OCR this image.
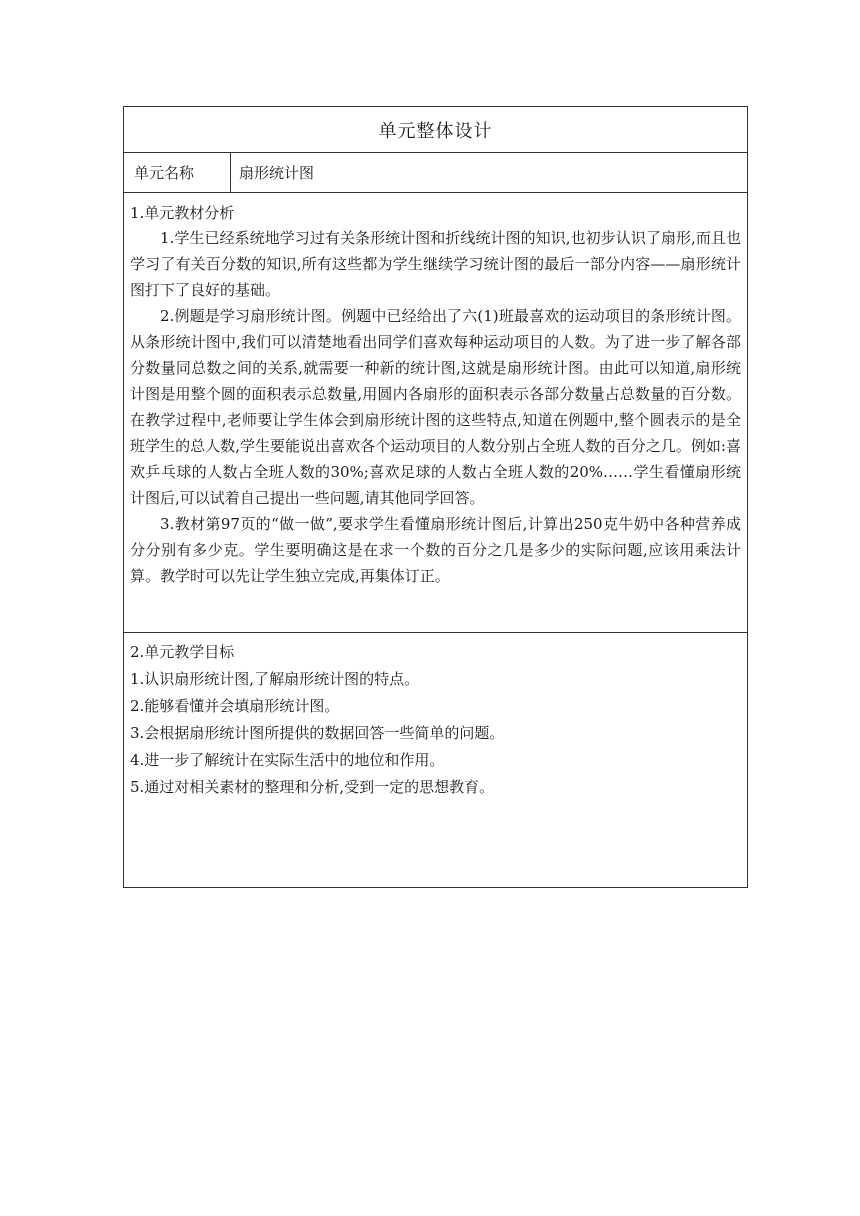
单元整体设计
单元名称	扇形统计图

1.单元教材分析

1.学生已经系统地学习过有关条形统计图和折线统计图的知识,也初步认识了扇形,而且也学习了有关百分数的知识,所有这些都为学生继续学习统计图的最后一部分内容——扇形统计图打下了良好的基础。

2.例题是学习扇形统计图。例题中已经给出了六(1)班最喜欢的运动项目的条形统计图。从条形统计图中,我们可以清楚地看出同学们喜欢每种运动项目的人数。为了进一步了解各部分数量同总数之间的关系,就需要一种新的统计图,这就是扇形统计图。由此可以知道,扇形统计图是用整个圆的面积表示总数量,用圆内各扇形的面积表示各部分数量占总数量的百分数。在教学过程中,老师要让学生体会到扇形统计图的这些特点,知道在例题中,整个圆表示的是全班学生的总人数,学生要能说出喜欢各个运动项目的人数分别占全班人数的百分之几。例如:喜欢乒乓球的人数占全班人数的30%;喜欢足球的人数占全班人数的20%……学生看懂扇形统计图后,可以试着自己提出一些问题,请其他同学回答。

3.教材第97页的“做一做”,要求学生看懂扇形统计图后,计算出250克牛奶中各种营养成分分别有多少克。学生要明确这是在求一个数的百分之几是多少的实际问题,应该用乘法计算。教学时可以先让学生独立完成,再集体订正。

2.单元教学目标

1.认识扇形统计图,了解扇形统计图的特点。

2.能够看懂并会填扇形统计图。

3.会根据扇形统计图所提供的数据回答一些简单的问题。

4.进一步了解统计在实际生活中的地位和作用。

5.通过对相关素材的整理和分析,受到一定的思想教育。
